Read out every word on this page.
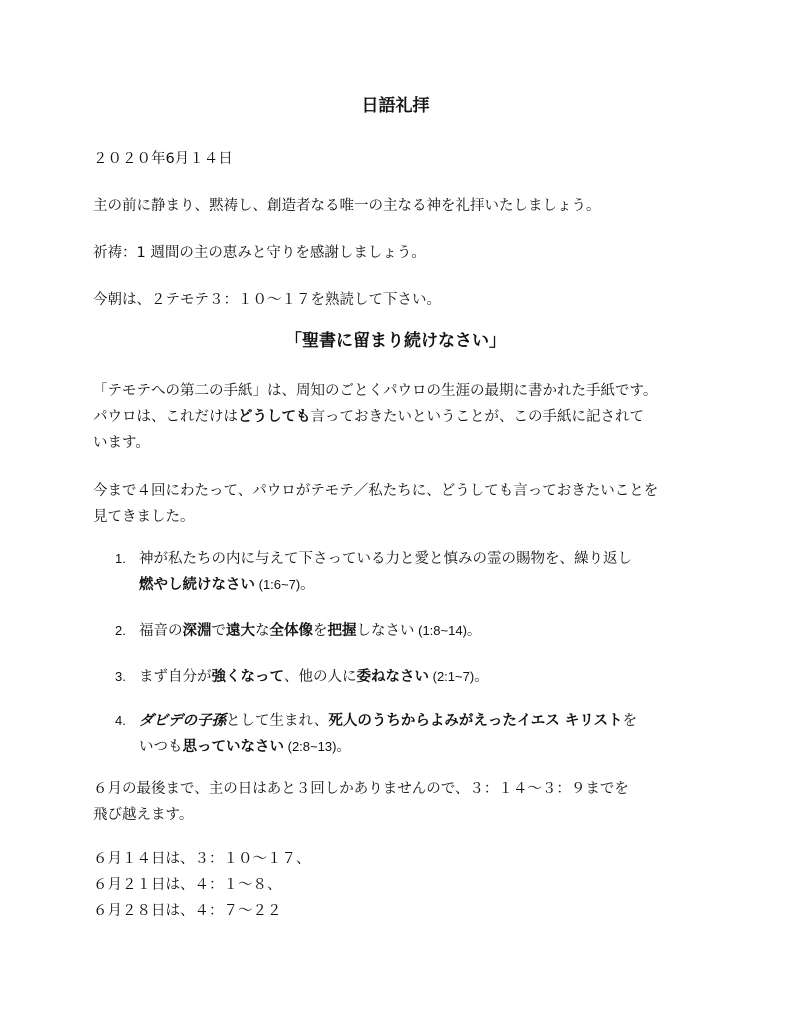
日語礼拝
２０２０年6月１４日
主の前に静まり、黙祷し、創造者なる唯一の主なる神を礼拝いたしましょう。
祈祷：1 週間の主の恵みと守りを感謝しましょう。
今朝は、２テモテ３：１０～１７を熟読して下さい。
「聖書に留まり続けなさい」
「テモテへの第二の手紙」は、周知のごとくパウロの生涯の最期に書かれた手紙です。
パウロは、これだけはどうしても言っておきたいということが、この手紙に記されて
います。
今まで４回にわたって、パウロがテモテ／私たちに、どうしても言っておきたいことを
見てきました。
1. 神が私たちの内に与えて下さっている力と愛と慎みの霊の賜物を、繰り返し
燃やし続けなさい (1:6~7)。
2. 福音の深淵で遠大な全体像を把握しなさい (1:8~14)。
3. まず自分が強くなって、他の人に委ねなさい (2:1~7)。
4. ダビデの子孫として生まれ、死人のうちからよみがえったイエス キリストを
いつも思っていなさい (2:8~13)。
６月の最後まで、主の日はあと３回しかありませんので、３：１４～３：９までを
飛び越えます。
６月１４日は、３：１０～１７、
６月２１日は、４：１～８、
６月２８日は、４：７～２２
